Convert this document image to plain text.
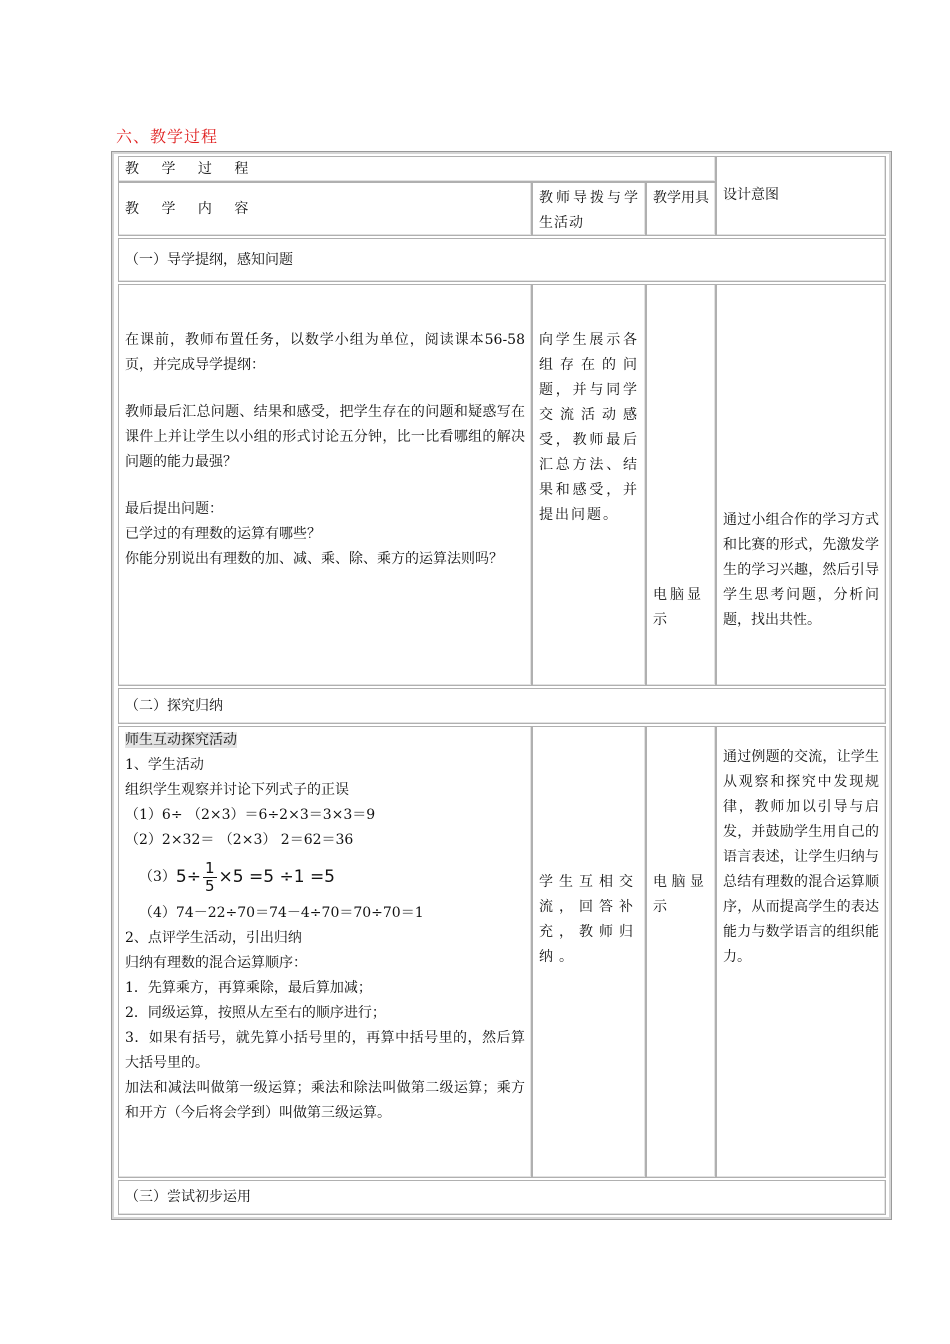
六、教学过程
教 学 过 程
教 学 内 容
教师导拨与学生活动
教学用具	设计意图
（一）导学提纲，感知问题

在课前，教师布置任务，以数学小组为单位，阅读课本56-58页，并完成导学提纲：

教师最后汇总问题、结果和感受，把学生存在的问题和疑惑写在课件上并让学生以小组的形式讨论五分钟，比一比看哪组的解决问题的能力最强？

最后提出问题：

已学过的有理数的运算有哪些？

你能分别说出有理数的加、减、乘、除、乘方的运算法则吗？

向学生展示各组存在的问题，并与同学交流活动感受，教师最后汇总方法、结果和感受，并提出问题。
电脑显示
通过小组合作的学习方式和比赛的形式，先激发学生的学习兴趣，然后引导学生思考问题，分析问题，找出共性。
（二）探究归纳

师生互动探究活动

1、学生活动

组织学生观察并讨论下列式子的正误

（1）6÷ （2×3）＝6÷2×3＝3×3＝9

（2）2×32＝ （2×3） 2＝62＝36

（3） $5 \div \frac{1}{5} \times 5 =5 \div 1 =5$

（4）74－22÷70＝74－4÷70＝70÷70＝1

2、点评学生活动，引出归纳

归纳有理数的混合运算顺序：

1．先算乘方，再算乘除，最后算加减；

2．同级运算，按照从左至右的顺序进行；

3．如果有括号，就先算小括号里的，再算中括号里的，然后算大括号里的。

加法和减法叫做第一级运算；乘法和除法叫做第二级运算；乘方和开方（今后将会学到）叫做第三级运算。

学生互相交流，回答补充，教师归纳。
电 脑 显 示
通过例题的交流，让学生从观察和探究中发现规律，教师加以引导与启发，并鼓励学生用自己的语言表述，让学生归纳与总结有理数的混合运算顺序，从而提高学生的表达能力与数学语言的组织能力。
（三）尝试初步运用
